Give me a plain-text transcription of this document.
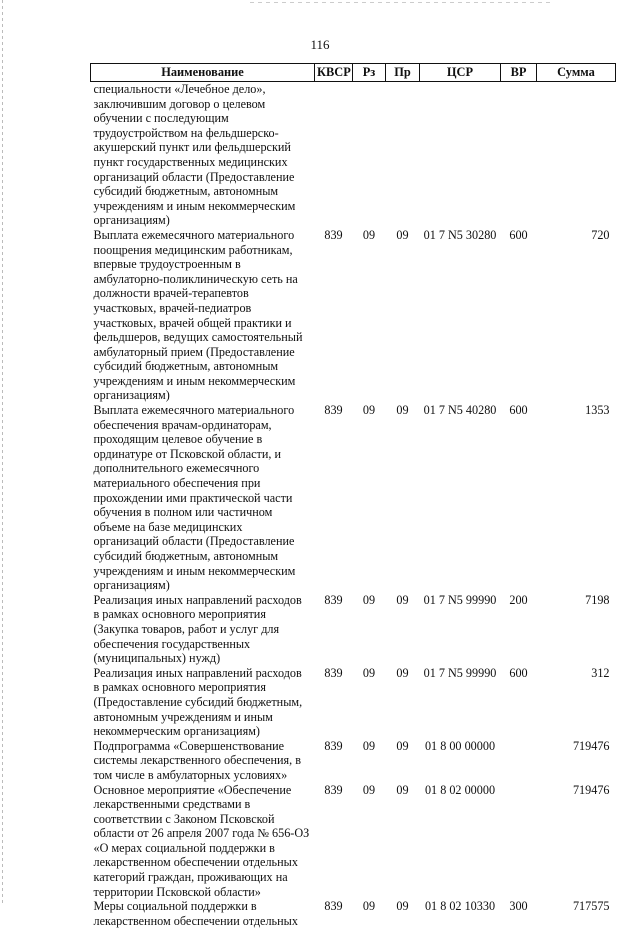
116
Наименование	КВСР	Рз	Пр	ЦСР	ВР	Сумма
специальности «Лечебное дело», заключившим договор о целевом обучении с последующим трудоустройством на фельдшерско-акушерский пункт или фельдшерский пункт государственных медицинских организаций области (Предоставление субсидий бюджетным, автономным учреждениям и иным некоммерческим организациям)						
Выплата ежемесячного материального поощрения медицинским работникам, впервые трудоустроенным в амбулаторно-поликлиническую сеть на должности врачей-терапевтов участковых, врачей-педиатров участковых, врачей общей практики и фельдшеров, ведущих самостоятельный амбулаторный прием (Предоставление субсидий бюджетным, автономным учреждениям и иным некоммерческим организациям)	839	09	09	01 7 N5 30280	600	720
Выплата ежемесячного материального обеспечения врачам-ординаторам, проходящим целевое обучение в ординатуре от Псковской области, и дополнительного ежемесячного материального обеспечения при прохождении ими практической части обучения в полном или частичном объеме на базе медицинских организаций области (Предоставление субсидий бюджетным, автономным учреждениям и иным некоммерческим организациям)	839	09	09	01 7 N5 40280	600	1353
Реализация иных направлений расходов в рамках основного мероприятия (Закупка товаров, работ и услуг для обеспечения государственных (муниципальных) нужд)	839	09	09	01 7 N5 99990	200	7198
Реализация иных направлений расходов в рамках основного мероприятия (Предоставление субсидий бюджетным, автономным учреждениям и иным некоммерческим организациям)	839	09	09	01 7 N5 99990	600	312
Подпрограмма «Совершенствование системы лекарственного обеспечения, в том числе в амбулаторных условиях»	839	09	09	01 8 00 00000		719476
Основное мероприятие «Обеспечение лекарственными средствами в соответствии с Законом Псковской области от 26 апреля 2007 года № 656-ОЗ «О мерах социальной поддержки в лекарственном обеспечении отдельных категорий граждан, проживающих на территории Псковской области»	839	09	09	01 8 02 00000		719476
Меры социальной поддержки в лекарственном обеспечении отдельных	839	09	09	01 8 02 10330	300	717575
